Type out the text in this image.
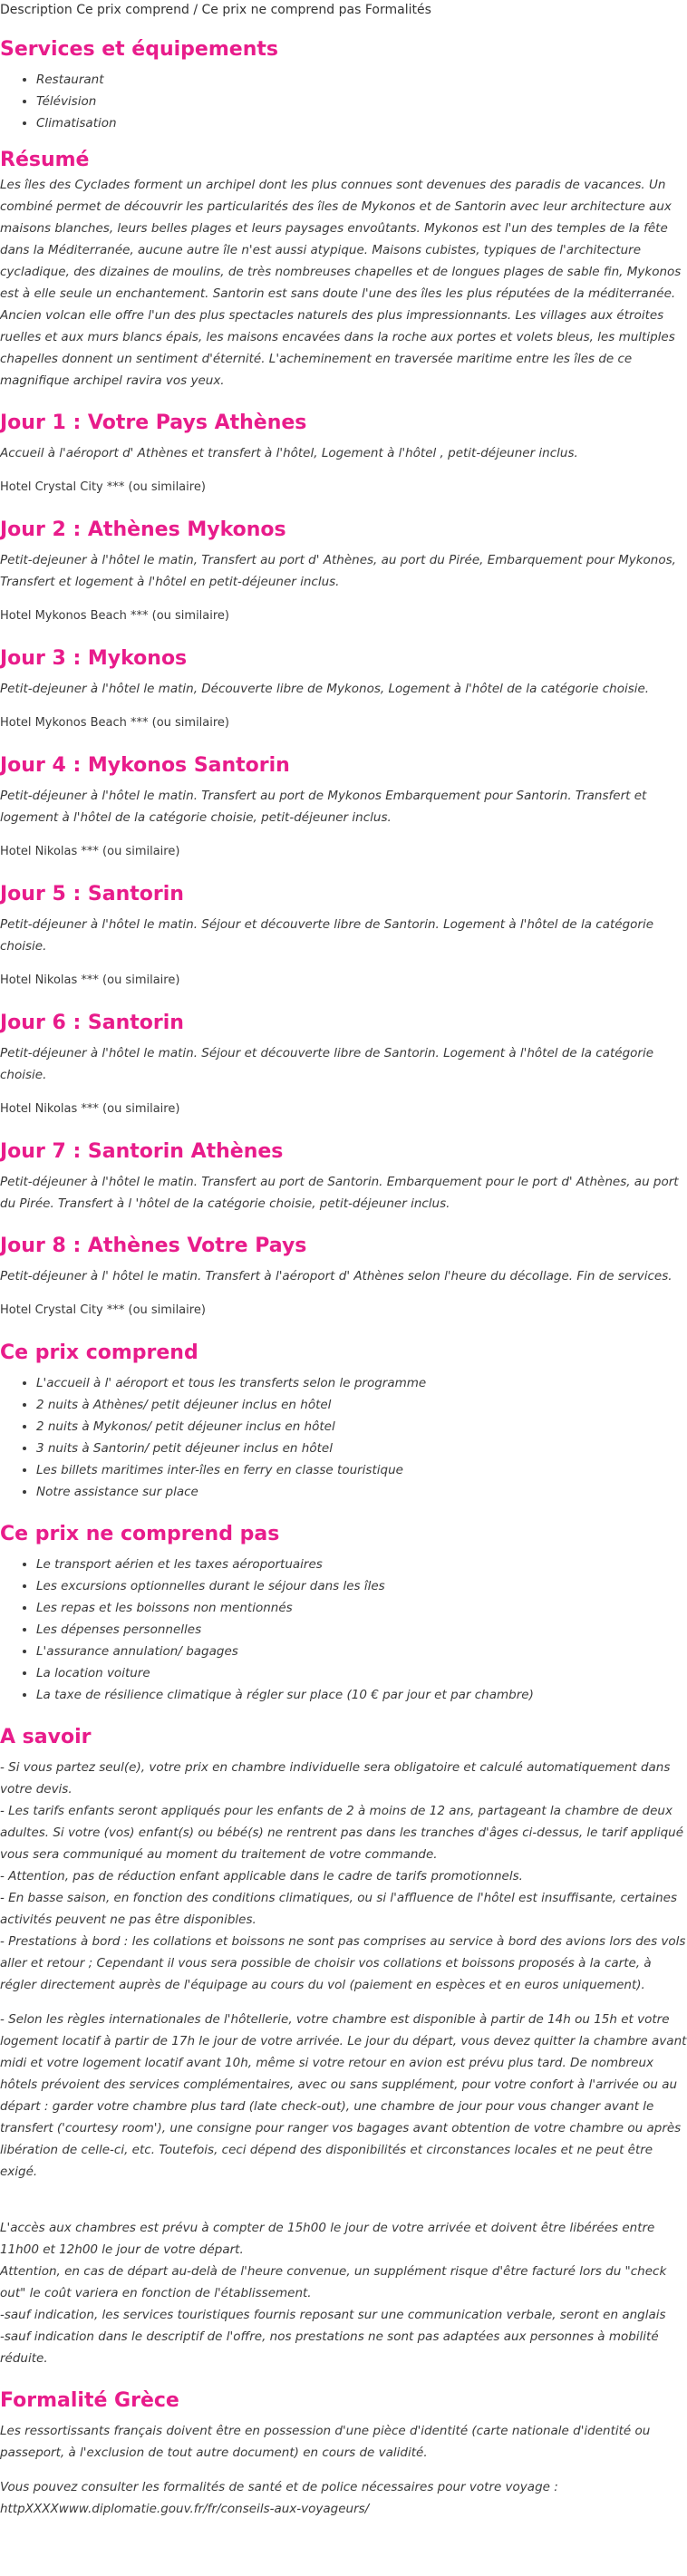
Description Ce prix comprend / Ce prix ne comprend pas Formalités
Services et équipements
• Restaurant
• Télévision
• Climatisation
Résumé

Les îles des Cyclades forment un archipel dont les plus connues sont devenues des paradis de vacances. Un combiné permet de découvrir les particularités des îles de Mykonos et de Santorin avec leur architecture aux maisons blanches, leurs belles plages et leurs paysages envoûtants. Mykonos est l'un des temples de la fête dans la Méditerranée, aucune autre île n'est aussi atypique. Maisons cubistes, typiques de l'architecture cycladique, des dizaines de moulins, de très nombreuses chapelles et de longues plages de sable fin, Mykonos est à elle seule un enchantement. Santorin est sans doute l'une des îles les plus réputées de la méditerranée. Ancien volcan elle offre l'un des plus spectacles naturels des plus impressionnants. Les villages aux étroites ruelles et aux murs blancs épais, les maisons encavées dans la roche aux portes et volets bleus, les multiples chapelles donnent un sentiment d'éternité. L'acheminement en traversée maritime entre les îles de ce magnifique archipel ravira vos yeux.

Jour 1 : Votre Pays Athènes

Accueil à l'aéroport d' Athènes et transfert à l'hôtel, Logement à l'hôtel , petit-déjeuner inclus.

Hotel Crystal City *** (ou similaire)

Jour 2 : Athènes Mykonos

Petit-dejeuner à l'hôtel le matin, Transfert au port d' Athènes, au port du Pirée, Embarquement pour Mykonos, Transfert et logement à l'hôtel en petit-déjeuner inclus.

Hotel Mykonos Beach *** (ou similaire)

Jour 3 : Mykonos

Petit-dejeuner à l'hôtel le matin, Découverte libre de Mykonos, Logement à l'hôtel de la catégorie choisie.

Hotel Mykonos Beach *** (ou similaire)

Jour 4 : Mykonos Santorin

Petit-déjeuner à l'hôtel le matin. Transfert au port de Mykonos Embarquement pour Santorin. Transfert et logement à l'hôtel de la catégorie choisie, petit-déjeuner inclus.

Hotel Nikolas *** (ou similaire)

Jour 5 : Santorin

Petit-déjeuner à l'hôtel le matin. Séjour et découverte libre de Santorin. Logement à l'hôtel de la catégorie choisie.

Hotel Nikolas *** (ou similaire)

Jour 6 : Santorin

Petit-déjeuner à l'hôtel le matin. Séjour et découverte libre de Santorin. Logement à l'hôtel de la catégorie choisie.

Hotel Nikolas *** (ou similaire)

Jour 7 : Santorin Athènes

Petit-déjeuner à l'hôtel le matin. Transfert au port de Santorin. Embarquement pour le port d' Athènes, au port du Pirée. Transfert à l 'hôtel de la catégorie choisie, petit-déjeuner inclus.

Jour 8 : Athènes Votre Pays

Petit-déjeuner à l' hôtel le matin. Transfert à l'aéroport d' Athènes selon l'heure du décollage. Fin de services.

Hotel Crystal City *** (ou similaire)

Ce prix comprend
• L'accueil à l' aéroport et tous les transferts selon le programme
• 2 nuits à Athènes/ petit déjeuner inclus en hôtel
• 2 nuits à Mykonos/ petit déjeuner inclus en hôtel
• 3 nuits à Santorin/ petit déjeuner inclus en hôtel
• Les billets maritimes inter-îles en ferry en classe touristique
• Notre assistance sur place
Ce prix ne comprend pas
• Le transport aérien et les taxes aéroportuaires
• Les excursions optionnelles durant le séjour dans les îles
• Les repas et les boissons non mentionnés
• Les dépenses personnelles
• L'assurance annulation/ bagages
• La location voiture
• La taxe de résilience climatique à régler sur place (10 € par jour et par chambre)
A savoir
- Si vous partez seul(e), votre prix en chambre individuelle sera obligatoire et calculé automatiquement dans votre devis.
- Les tarifs enfants seront appliqués pour les enfants de 2 à moins de 12 ans, partageant la chambre de deux adultes. Si votre (vos) enfant(s) ou bébé(s) ne rentrent pas dans les tranches d'âges ci-dessus, le tarif appliqué vous sera communiqué au moment du traitement de votre commande.
- Attention, pas de réduction enfant applicable dans le cadre de tarifs promotionnels.
- En basse saison, en fonction des conditions climatiques, ou si l'affluence de l'hôtel est insuffisante, certaines activités peuvent ne pas être disponibles.
- Prestations à bord : les collations et boissons ne sont pas comprises au service à bord des avions lors des vols aller et retour ; Cependant il vous sera possible de choisir vos collations et boissons proposés à la carte, à régler directement auprès de l'équipage au cours du vol (paiement en espèces et en euros uniquement).
- Selon les règles internationales de l'hôtellerie, votre chambre est disponible à partir de 14h ou 15h et votre logement locatif à partir de 17h le jour de votre arrivée. Le jour du départ, vous devez quitter la chambre avant midi et votre logement locatif avant 10h, même si votre retour en avion est prévu plus tard. De nombreux hôtels prévoient des services complémentaires, avec ou sans supplément, pour votre confort à l'arrivée ou au départ : garder votre chambre plus tard (late check-out), une chambre de jour pour vous changer avant le transfert ('courtesy room'), une consigne pour ranger vos bagages avant obtention de votre chambre ou après libération de celle-ci, etc. Toutefois, ceci dépend des disponibilités et circonstances locales et ne peut être exigé.
L'accès aux chambres est prévu à compter de 15h00 le jour de votre arrivée et doivent être libérées entre 11h00 et 12h00 le jour de votre départ.
Attention, en cas de départ au-delà de l'heure convenue, un supplément risque d'être facturé lors du "check out" le coût variera en fonction de l'établissement.
-sauf indication, les services touristiques fournis reposant sur une communication verbale, seront en anglais
-sauf indication dans le descriptif de l'offre, nos prestations ne sont pas adaptées aux personnes à mobilité réduite.
Formalité Grèce

Les ressortissants français doivent être en possession d'une pièce d'identité (carte nationale d'identité ou passeport, à l'exclusion de tout autre document) en cours de validité.

Vous pouvez consulter les formalités de santé et de police nécessaires pour votre voyage :
httpXXXXwww.diplomatie.gouv.fr/fr/conseils-aux-voyageurs/
